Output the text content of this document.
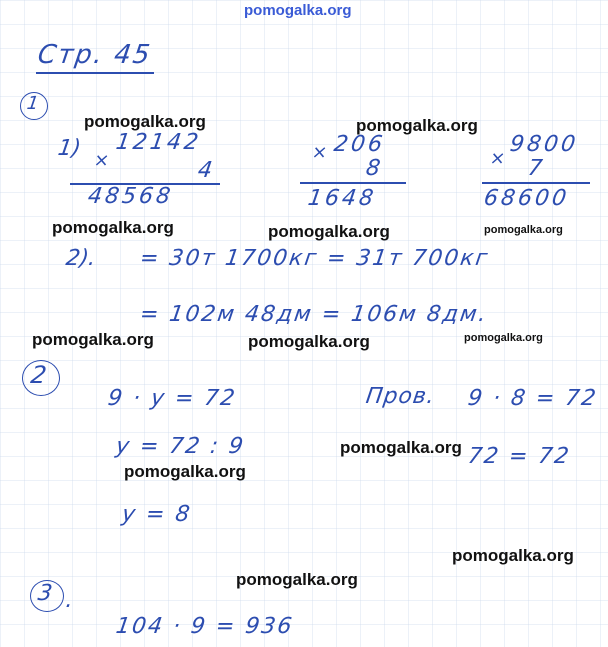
pomogalka.org
Стр. 45
1
1) ×
12142
4
48568
× 206
8
1648
×
9800
7
68600
2). = 30т 1700кг = 31т 700кг
= 102м 48дм = 106м 8дм.
2
9 · y = 72
y = 72 : 9
y = 8
Пров. 9 · 8 = 72
72 = 72
3 .
104 · 9 = 936
pomogalka.org	pomogalka.org
pomogalka.org	pomogalka.org	pomogalka.org
pomogalka.org	pomogalka.org	pomogalka.org
pomogalka.org
pomogalka.org
pomogalka.org
pomogalka.org
